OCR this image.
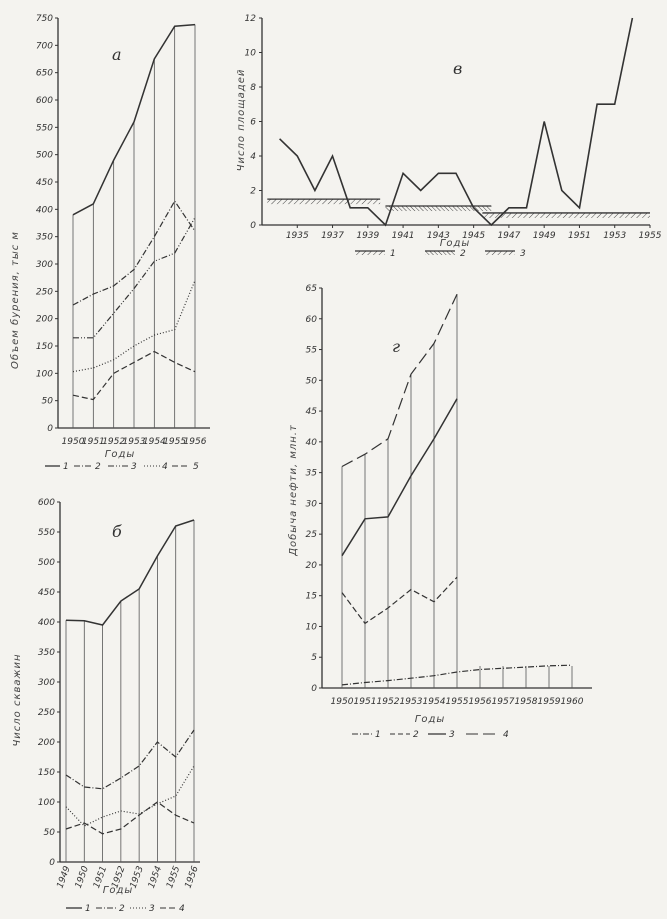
а
Объем бурения, тыс м
Годы
1	2	3	4	5
0
50
100
150
200
250
300
350
400
450
500
550
600
650
700
750
1950
1951
1952
1953
1954
1955
1956
б
Число скважин
Годы
1	2	3	4
0
50
100
150
200
250
300
350
400
450
500
550
600
1949 1950 1951 1952 1953 1954 1955 1956
в
Число площадей
Годы
1	2	3
0
2
4
6
8
10
12
1935 1937 1939 1941 1943 1945 1947 1949 1951 1953 1955
г
Добыча нефти, млн.т
Годы
1	2	3	4
0
5
10
15
20
25
30
35
40
45
50
55
60
65
1950 1951 1952 1953 1954 1955 1956 1957 1958 1959 1960
